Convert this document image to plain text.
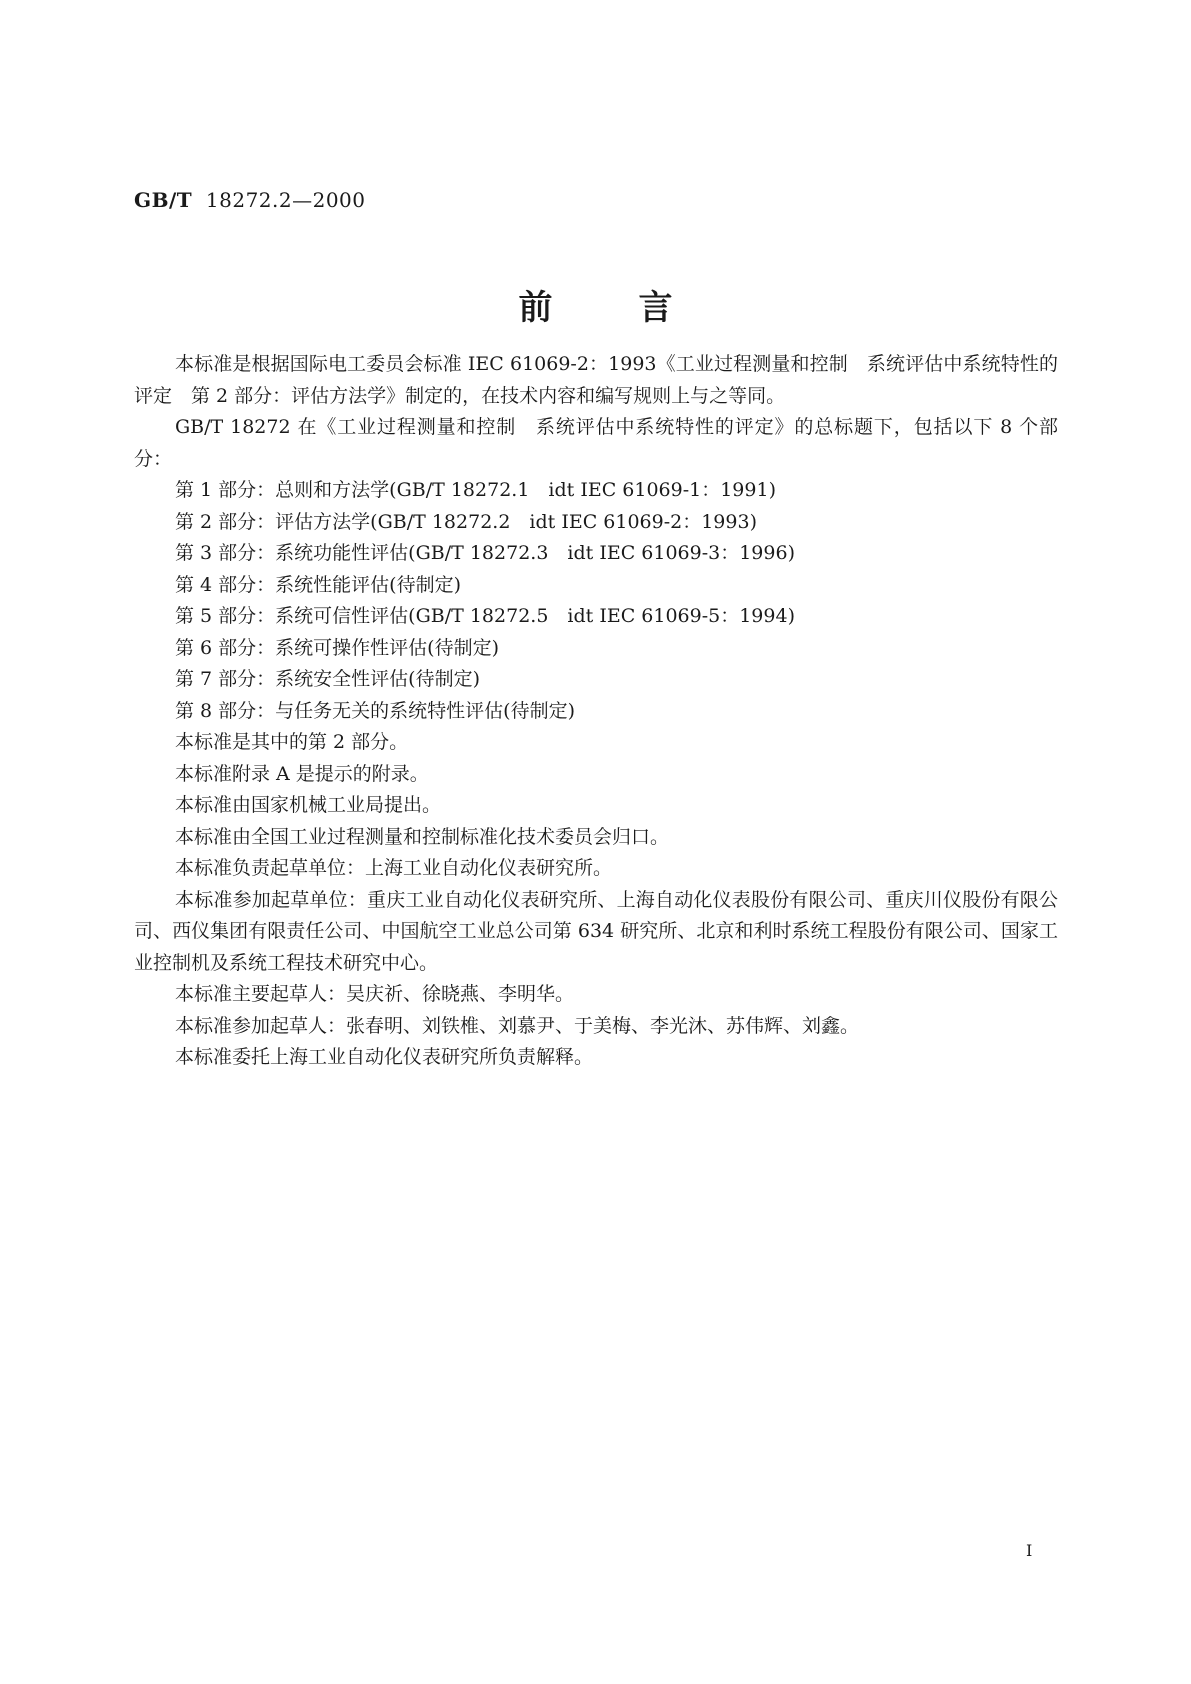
GB/T 18272.2—2000
前言

本标准是根据国际电工委员会标准 IEC 61069-2：1993《工业过程测量和控制　系统评估中系统特性的评定　第 2 部分：评估方法学》制定的，在技术内容和编写规则上与之等同。

GB/T 18272 在《工业过程测量和控制　系统评估中系统特性的评定》的总标题下，包括以下 8 个部分：

第 1 部分：总则和方法学(GB/T 18272.1　idt IEC 61069-1：1991)

第 2 部分：评估方法学(GB/T 18272.2　idt IEC 61069-2：1993)

第 3 部分：系统功能性评估(GB/T 18272.3　idt IEC 61069-3：1996)

第 4 部分：系统性能评估(待制定)

第 5 部分：系统可信性评估(GB/T 18272.5　idt IEC 61069-5：1994)

第 6 部分：系统可操作性评估(待制定)

第 7 部分：系统安全性评估(待制定)

第 8 部分：与任务无关的系统特性评估(待制定)

本标准是其中的第 2 部分。

本标准附录 A 是提示的附录。

本标准由国家机械工业局提出。

本标准由全国工业过程测量和控制标准化技术委员会归口。

本标准负责起草单位：上海工业自动化仪表研究所。

本标准参加起草单位：重庆工业自动化仪表研究所、上海自动化仪表股份有限公司、重庆川仪股份有限公司、西仪集团有限责任公司、中国航空工业总公司第 634 研究所、北京和利时系统工程股份有限公司、国家工业控制机及系统工程技术研究中心。

本标准主要起草人：吴庆祈、徐晓燕、李明华。

本标准参加起草人：张春明、刘铁椎、刘慕尹、于美梅、李光沐、苏伟辉、刘鑫。

本标准委托上海工业自动化仪表研究所负责解释。

I
